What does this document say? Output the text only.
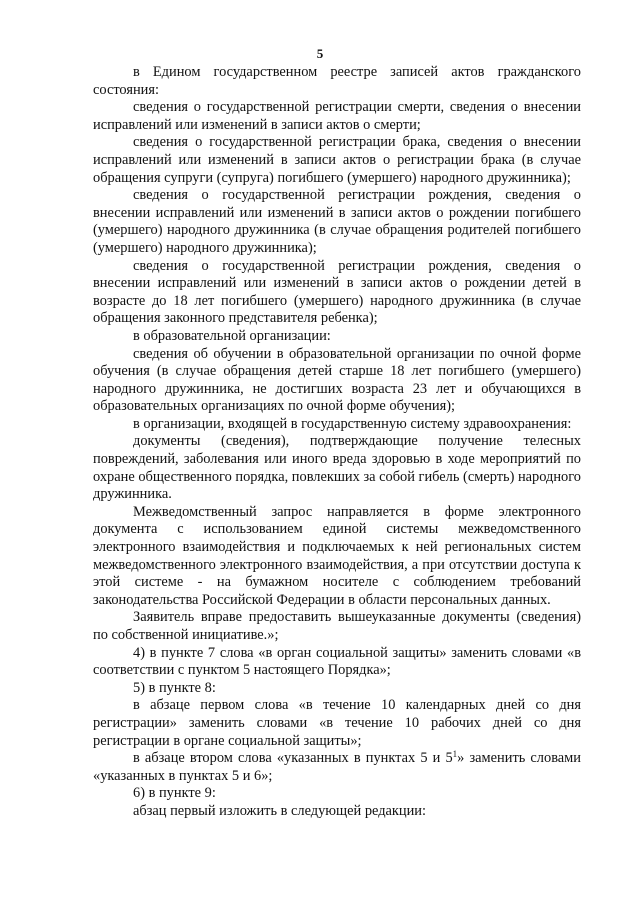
5

в Едином государственном реестре записей актов гражданского состояния:

сведения о государственной регистрации смерти, сведения о внесении исправлений или изменений в записи актов о смерти;

сведения о государственной регистрации брака, сведения о внесении исправлений или изменений в записи актов о регистрации брака (в случае обращения супруги (супруга) погибшего (умершего) народного дружинника);

сведения о государственной регистрации рождения, сведения о внесении исправлений или изменений в записи актов о рождении погибшего (умершего) народного дружинника (в случае обращения родителей погибшего (умершего) народного дружинника);

сведения о государственной регистрации рождения, сведения о внесении исправлений или изменений в записи актов о рождении детей в возрасте до 18 лет погибшего (умершего) народного дружинника (в случае обращения законного представителя ребенка);

в образовательной организации:

сведения об обучении в образовательной организации по очной форме обучения (в случае обращения детей старше 18 лет погибшего (умершего) народного дружинника, не достигших возраста 23 лет и обучающихся в образовательных организациях по очной форме обучения);

в организации, входящей в государственную систему здравоохранения:

документы (сведения), подтверждающие получение телесных повреждений, заболевания или иного вреда здоровью в ходе мероприятий по охране общественного порядка, повлекших за собой гибель (смерть) народного дружинника.

Межведомственный запрос направляется в форме электронного документа с использованием единой системы межведомственного электронного взаимодействия и подключаемых к ней региональных систем межведомственного электронного взаимодействия, а при отсутствии доступа к этой системе - на бумажном носителе с соблюдением требований законодательства Российской Федерации в области персональных данных.

Заявитель вправе предоставить вышеуказанные документы (сведения) по собственной инициативе.»;

4) в пункте 7 слова «в орган социальной защиты» заменить словами «в соответствии с пунктом 5 настоящего Порядка»;

5) в пункте 8:

в абзаце первом слова «в течение 10 календарных дней со дня регистрации» заменить словами «в течение 10 рабочих дней со дня регистрации в органе социальной защиты»;

в абзаце втором слова «указанных в пунктах 5 и $5^1$» заменить словами «указанных в пунктах 5 и 6»;

6) в пункте 9:

абзац первый изложить в следующей редакции:
